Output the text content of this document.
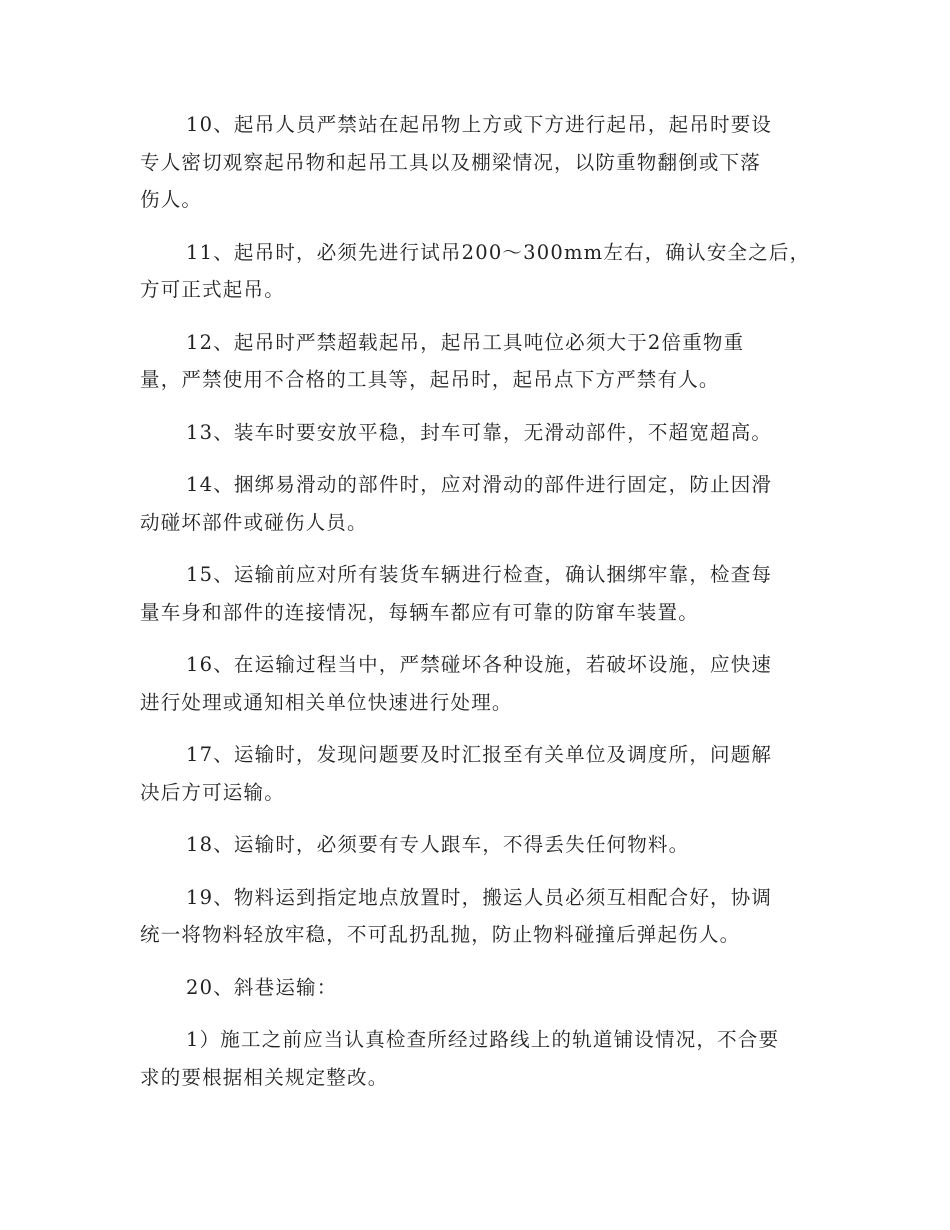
10、起吊人员严禁站在起吊物上方或下方进行起吊，起吊时要设
专人密切观察起吊物和起吊工具以及棚梁情况，以防重物翻倒或下落
伤人。
11、起吊时，必须先进行试吊200～300mm左右，确认安全之后，
方可正式起吊。
12、起吊时严禁超载起吊，起吊工具吨位必须大于2倍重物重
量，严禁使用不合格的工具等，起吊时，起吊点下方严禁有人。
13、装车时要安放平稳，封车可靠，无滑动部件，不超宽超高。
14、捆绑易滑动的部件时，应对滑动的部件进行固定，防止因滑
动碰坏部件或碰伤人员。
15、运输前应对所有装货车辆进行检查，确认捆绑牢靠，检查每
量车身和部件的连接情况，每辆车都应有可靠的防窜车装置。
16、在运输过程当中，严禁碰坏各种设施，若破坏设施，应快速
进行处理或通知相关单位快速进行处理。
17、运输时，发现问题要及时汇报至有关单位及调度所，问题解
决后方可运输。
18、运输时，必须要有专人跟车，不得丢失任何物料。
19、物料运到指定地点放置时，搬运人员必须互相配合好，协调
统一将物料轻放牢稳，不可乱扔乱抛，防止物料碰撞后弹起伤人。
20、斜巷运输：
1）施工之前应当认真检查所经过路线上的轨道铺设情况，不合要
求的要根据相关规定整改。
